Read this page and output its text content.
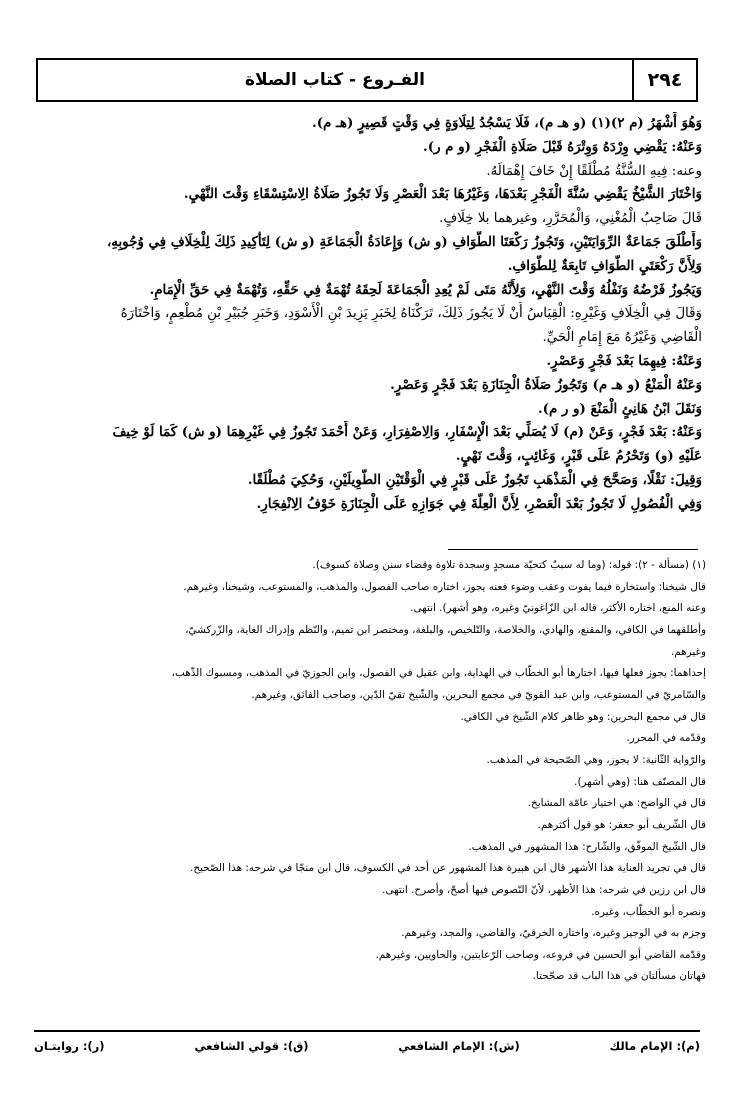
٢٩٤
الفـروع - كتاب الصلاة

وَهُوَ أَشْهَرُ (م ٢)(١) (و هـ م)، فَلَا يَسْجُدُ لِتِلَاوَةٍ فِي وَقْتٍ قَصِيرٍ (هـ م).

وَعَنْهُ: يَقْضِي وِرْدَهُ وَوِتْرَهُ قَبْلَ صَلَاةِ الْفَجْرِ (و م ر).

وعنه: فِيهِ السُّنَّةُ مُطْلَقًا إِنْ خَافَ إِهْمَالَهُ.

وَاخْتَارَ الشَّيْخُ يَقْضِي سُنَّةَ الْفَجْرِ بَعْدَهَا، وَغَيْرُهَا بَعْدَ الْعَصْرِ وَلَا تَجُوزُ صَلَاةُ الِاسْتِسْقَاءِ وَقْتَ النَّهْيِ.

قَالَ صَاحِبُ الْمُغْنِي، وَالْمُحَرَّرِ، وغيرهما بلا خِلَافٍ.

وَأَطْلَقَ جَمَاعَةٌ الرِّوَايَتَيْنِ، وَتَجُوزُ رَكْعَتَا الطَّوَافِ (و ش) وَإِعَادَةُ الْجَمَاعَةِ (و ش) لِتَأْكِيدِ ذَلِكَ لِلْخِلَافِ فِي وُجُوبِهِ،

وَلِأَنَّ رَكْعَتَيِ الطَّوَافِ تَابِعَةٌ لِلطَّوَافِ.

وَيَجُوزُ فَرْضُهُ وَنَفْلُهُ وَقْتَ النَّهْيِ، وَلِأَنَّهُ مَتَى لَمْ يُعِدِ الْجَمَاعَةَ لَحِقَهُ تُهْمَةٌ فِي حَقِّهِ، وَتُهْمَةٌ فِي حَقِّ الْإِمَامِ.

وَقَالَ فِي الْخِلَافِ وَغَيْرِهِ: الْقِيَاسُ أَنْ لَا يَجُوزَ ذَلِكَ، تَرَكْنَاهُ لِخَبَرِ يَزِيدَ بْنِ الْأَسْوَدِ، وَخَبَرِ جُبَيْرِ بْنِ مُطْعِمٍ، وَاخْتَارَهُ

الْقَاضِي وَغَيْرُهُ مَعَ إِمَامِ الْحَيِّ.

وَعَنْهُ: فِيهِمَا بَعْدَ فَجْرٍ وَعَصْرٍ.

وَعَنْهُ الْمَنْعُ (و هـ م) وَتَجُوزُ صَلَاةُ الْجِنَازَةِ بَعْدَ فَجْرٍ وَعَصْرٍ.

وَنَقَلَ ابْنُ هَانِئٍ الْمَنْعَ (و ر م).

وَعَنْهُ: بَعْدَ فَجْرٍ، وَعَنْ (م) لَا يُصَلِّي بَعْدَ الْإِسْفَارِ، وَالِاصْفِرَارِ، وَعَنْ أَحْمَدَ تَجُوزُ فِي غَيْرِهِمَا (و ش) كَمَا لَوْ خِيفَ

عَلَيْهِ (و) وَتَحْرُمُ عَلَى قَبْرٍ، وَغَائِبٍ، وَقْتَ نَهْيٍ.

وَقِيلَ: نَقْلًا، وَصَحَّحَ فِي الْمَذْهَبِ تَجُوزُ عَلَى قَبْرٍ فِي الْوَقْتَيْنِ الطَّوِيلَيْنِ، وَحُكِيَ مُطْلَقًا.

وَفِي الْفُصُولِ لَا تَجُوزُ بَعْدَ الْعَصْرِ، لِأَنَّ الْعِلَّةَ فِي جَوَازِهِ عَلَى الْجِنَازَةِ خَوْفُ الِانْفِجَارِ.

(١) (مسألة - ٢): قوله: (وما له سببٌ كتحيّة مسجدٍ وسجدة تلاوة وقضاء سنن وصلاة كسوف).

قال شيخنا: واستخارة فيما يفوت وعقب وضوء فعنه يجوز، اختاره صاحب الفصول، والمذهب، والمستوعب، وشيخنا، وغيرهم.

وعنه المنع، اختاره الأكثر، قاله ابن الزّاغونيّ وغيره، وهو أشهر). انتهى.

وأطلقهما في الكافي، والمقنع، والهادي، والخلاصة، والتّلخيص، والبلغة، ومختصر ابن تميم، والنّظم وإدراك الغاية، والزّركشيّ،

وغيرهم.

إحداهما: يجوز فعلها فيها، اختارها أبو الخطّاب في الهداية، وابن عقيل في الفصول، وابن الجوزيّ في المذهب، ومسبوك الذّهب،

والسّامريّ في المستوعب، وابن عبد القويّ في مجمع البحرين، والشّيخ تقيّ الدّين، وصاحب الفائق، وغيرهم.

قال في مجمع البحرين: وهو ظاهر كلام الشّيخ في الكافي.

وقدّمه في المحرر.

والرّواية الثّانية: لا يجوز، وهي الصّحيحة في المذهب.

قال المصنّف هنا: (وهي أشهر).

قال في الواضح: هي اختيار عامّة المشايخ.

قال الشّريف أبو جعفر: هو قول أكثرهم.

قال الشّيخ الموفّق، والشّارح: هذا المشهور في المذهب.

قال في تجريد العناية هذا الأشهر قال ابن هبيرة هذا المشهور عن أحد في الكسوف، قال ابن منجّا في شرحه: هذا الصّحيح.

قال ابن رزين في شرحه: هذا الأظهر، لأنّ النّصوص فيها أصحّ، وأصرح. انتهى.

ونصره أبو الخطّاب، وغيره.

وجزم به في الوجيز وغيره، واختاره الخرقيّ، والقاضي، والمجد، وغيرهم.

وقدّمه القاضي أبو الحسين في فروعه، وصاحب الرّعايتين، والحاويين، وغيرهم.

فهاتان مسألتان في هذا الباب قد صحّحتا.

(م): الإمام مالك
(ش): الإمام الشافعي
(ق): قولي الشافعي
(ر): روايتـان
